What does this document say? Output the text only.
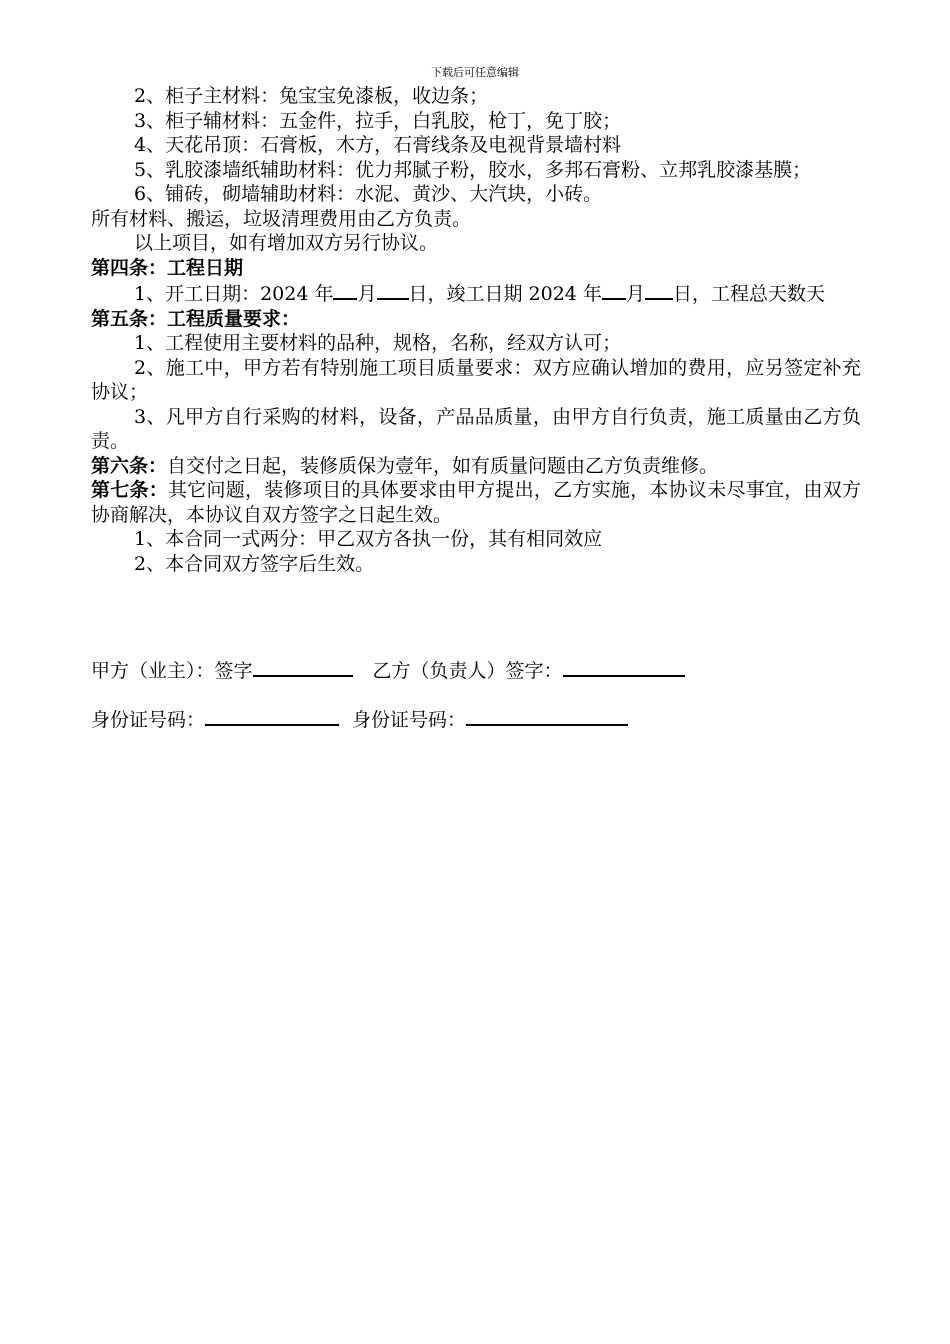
下载后可任意编辑

2、柜子主材料：兔宝宝免漆板，收边条；

3、柜子辅材料：五金件，拉手，白乳胶，枪丁，免丁胶；

4、天花吊顶：石膏板，木方，石膏线条及电视背景墙村料

5、乳胶漆墙纸辅助材料：优力邦腻子粉，胶水，多邦石膏粉、立邦乳胶漆基膜；

6、铺砖，砌墙辅助材料：水泥、黄沙、大汽块，小砖。

所有材料、搬运，垃圾清理费用由乙方负责。

以上项目，如有增加双方另行协议。

第四条：工程日期

1、开工日期：2024 年 月 日，竣工日期 2024 年 月 日，工程总天数天

第五条：工程质量要求：

1、工程使用主要材料的品种，规格，名称，经双方认可；

2、施工中，甲方若有特别施工项目质量要求：双方应确认增加的费用，应另签定补充协议；

3、凡甲方自行采购的材料，设备，产品品质量，由甲方自行负责，施工质量由乙方负责。

第六条：自交付之日起，装修质保为壹年，如有质量问题由乙方负责维修。

第七条：其它问题，装修项目的具体要求由甲方提出，乙方实施，本协议未尽事宜，由双方协商解决，本协议自双方签字之日起生效。

1、本合同一式两分：甲乙双方各执一份，其有相同效应

2、本合同双方签字后生效。

甲方（业主）：签字	乙方（负责人）签字：
身份证号码：	身份证号码：
